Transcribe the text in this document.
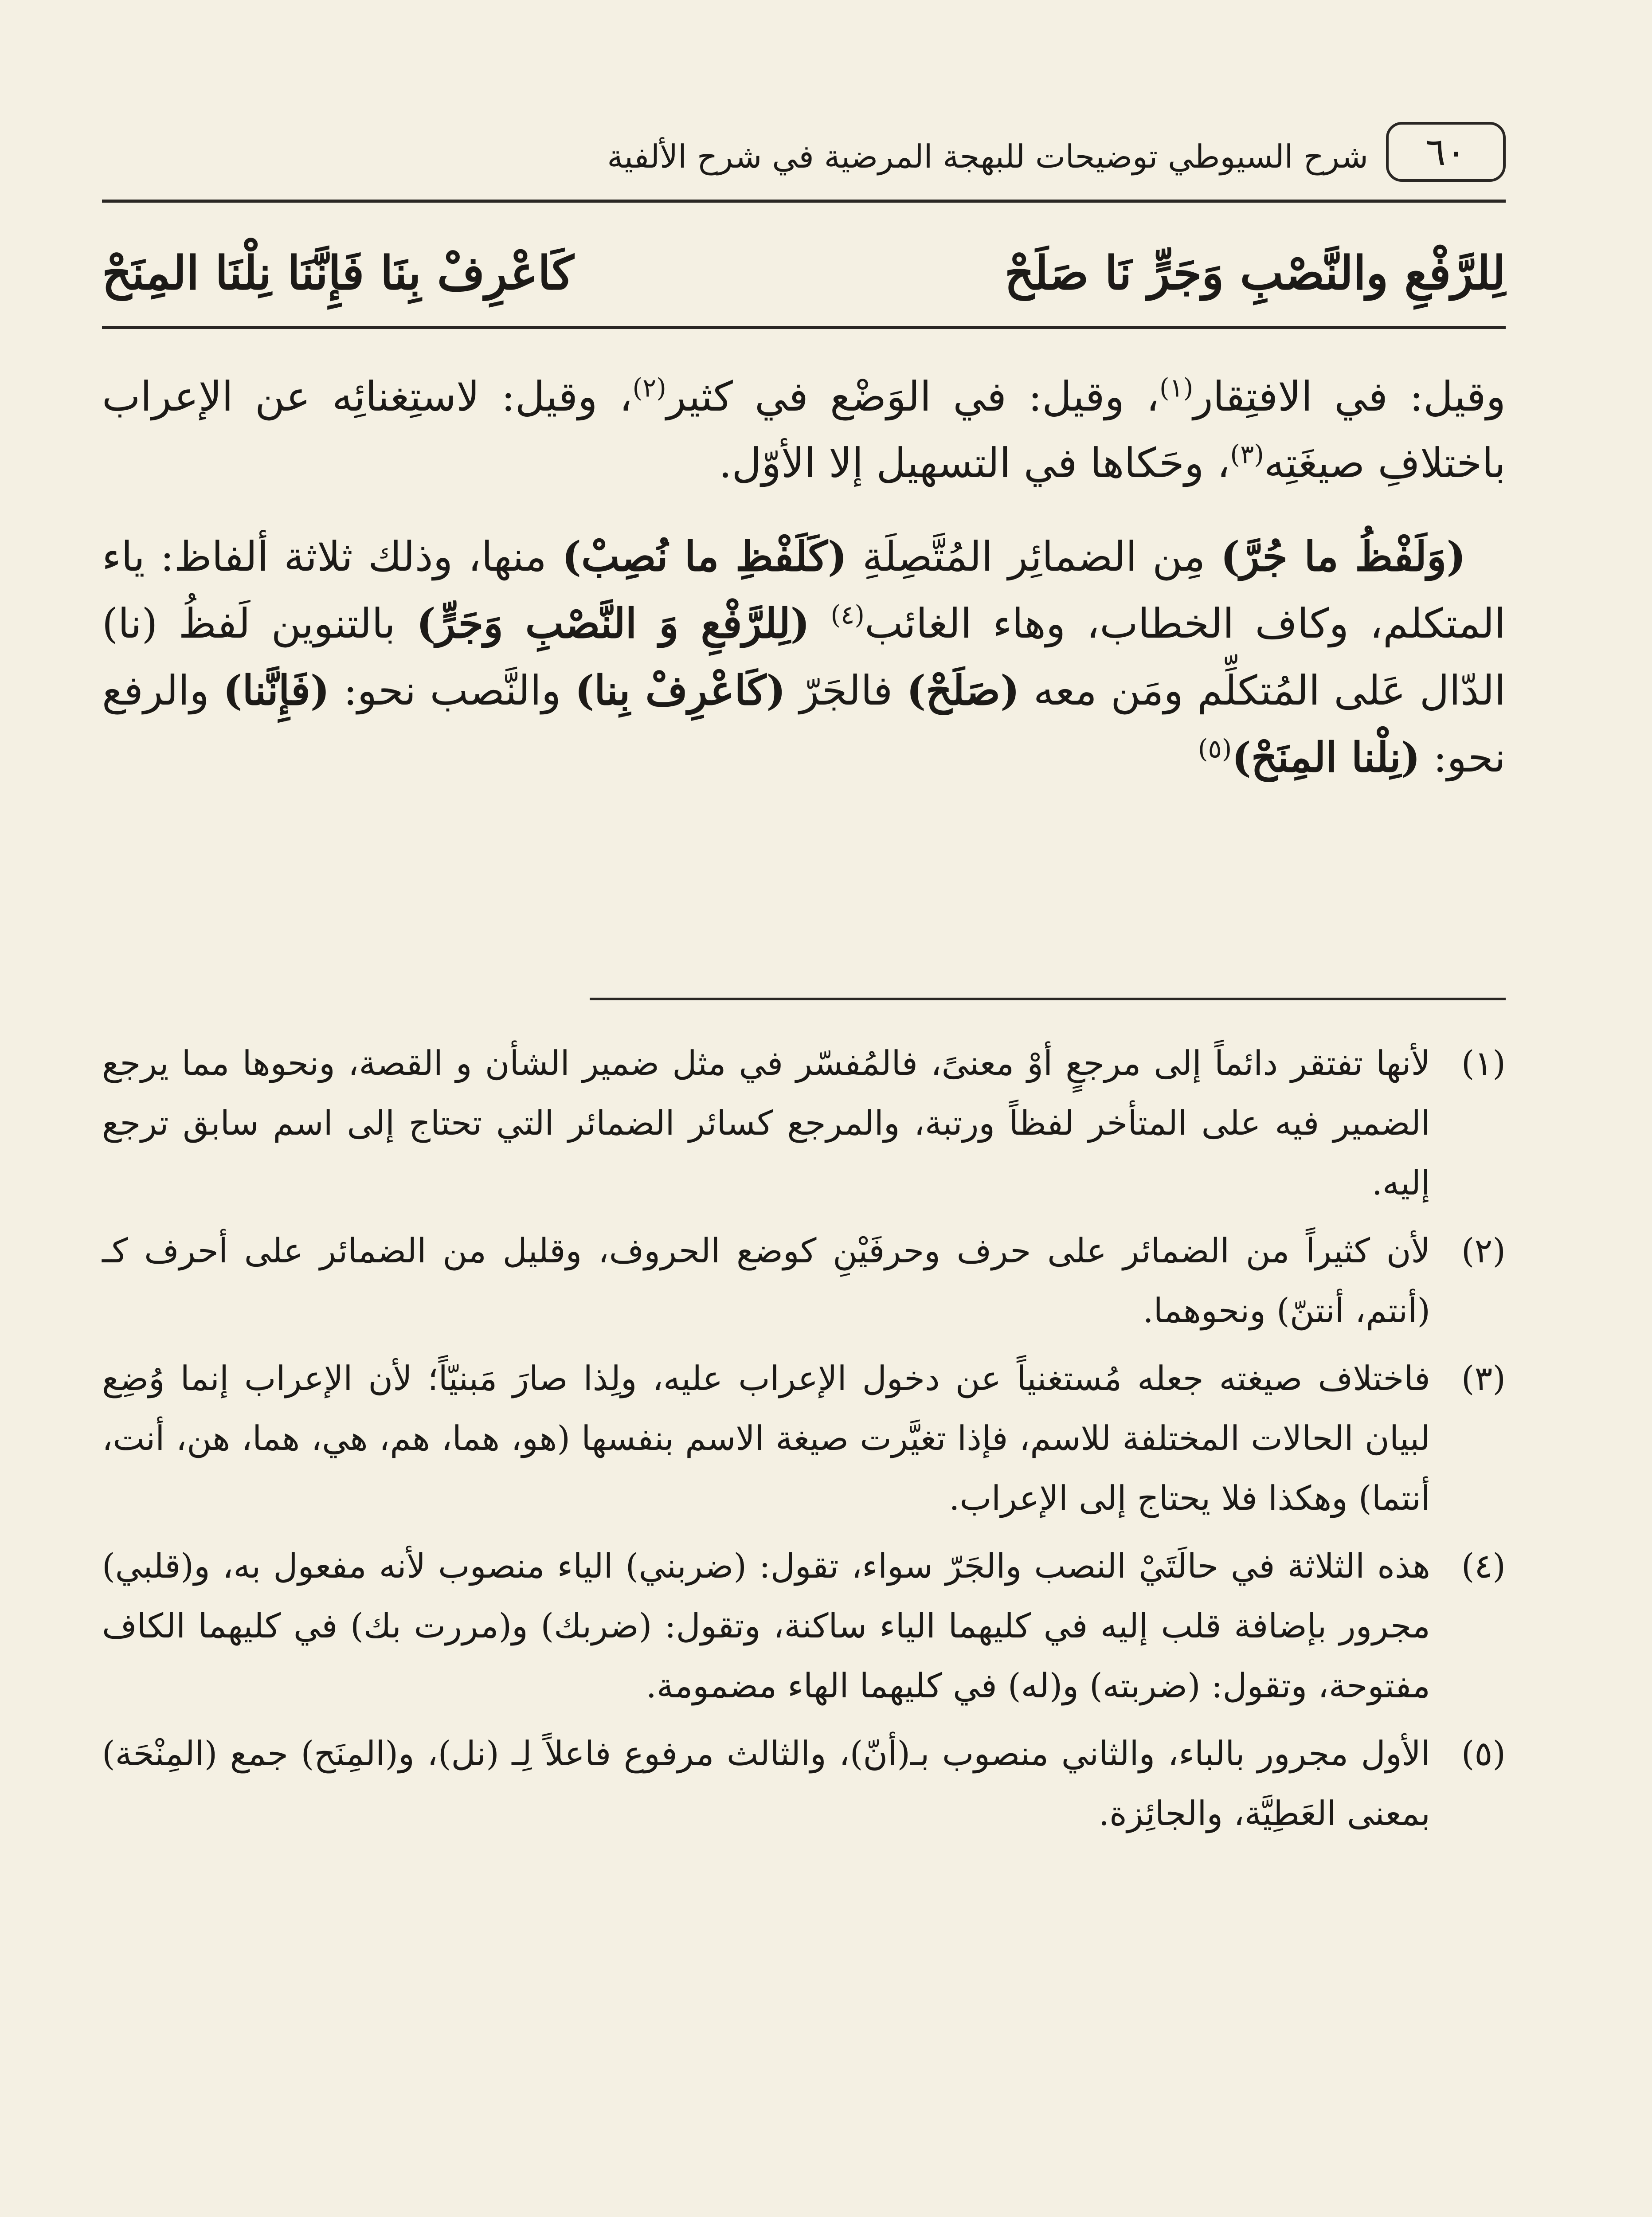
٦٠
شرح السيوطي توضيحات للبهجة المرضية في شرح الألفية
لِلرَّفْعِ والنَّصْبِ وَجَرٍّ نَا صَلَحْ
كَاعْرِفْ بِنَا فَإِنَّنَا نِلْنَا المِنَحْ

وقيل: في الافتِقار$^{(١)}$، وقيل: في الوَضْع في كثير$^{(٢)}$، وقيل: لاستِغنائِه عن الإعراب باختلافِ صيغَتِه$^{(٣)}$، وحَكاها في التسهيل إلا الأوّل.

(وَلَفْظُ ما جُرَّ) مِن الضمائِر المُتَّصِلَةِ (كَلَفْظِ ما نُصِبْ) منها، وذلك ثلاثة ألفاظ: ياء المتكلم، وكاف الخطاب، وهاء الغائب$^{(٤)}$ (لِلرَّفْعِ وَ النَّصْبِ وَجَرٍّ) بالتنوين لَفظُ (نا) الدّال عَلى المُتكلِّم ومَن معه (صَلَحْ) فالجَرّ (كَاعْرِفْ بِنا) والنَّصب نحو: (فَإِنَّنا) والرفع نحو: (نِلْنا المِنَحْ)$^{(٥)}$

(١)
لأنها تفتقر دائماً إلى مرجعٍ أوْ معنىً، فالمُفسّر في مثل ضمير الشأن و القصة، ونحوها مما يرجع الضمير فيه على المتأخر لفظاً ورتبة، والمرجع كسائر الضمائر التي تحتاج إلى اسم سابق ترجع إليه.
(٢)
لأن كثيراً من الضمائر على حرف وحرفَيْنِ كوضع الحروف، وقليل من الضمائر على أحرف كـ (أنتم، أنتنّ) ونحوهما.
(٣)
فاختلاف صيغته جعله مُستغنياً عن دخول الإعراب عليه، ولِذا صارَ مَبنيّاً؛ لأن الإعراب إنما وُضِع لبيان الحالات المختلفة للاسم، فإذا تغيَّرت صيغة الاسم بنفسها (هو، هما، هم، هي، هما، هن، أنت، أنتما) وهكذا فلا يحتاج إلى الإعراب.
(٤)
هذه الثلاثة في حالَتَيْ النصب والجَرّ سواء، تقول: (ضربني) الياء منصوب لأنه مفعول به، و(قلبي) مجرور بإضافة قلب إليه في كليهما الياء ساكنة، وتقول: (ضربك) و(مررت بك) في كليهما الكاف مفتوحة، وتقول: (ضربته) و(له) في كليهما الهاء مضمومة.
(٥)
الأول مجرور بالباء، والثاني منصوب بـ(أنّ)، والثالث مرفوع فاعلاً لِـ (نل)، و(المِنَح) جمع (المِنْحَة) بمعنى العَطِيَّة، والجائِزة.
